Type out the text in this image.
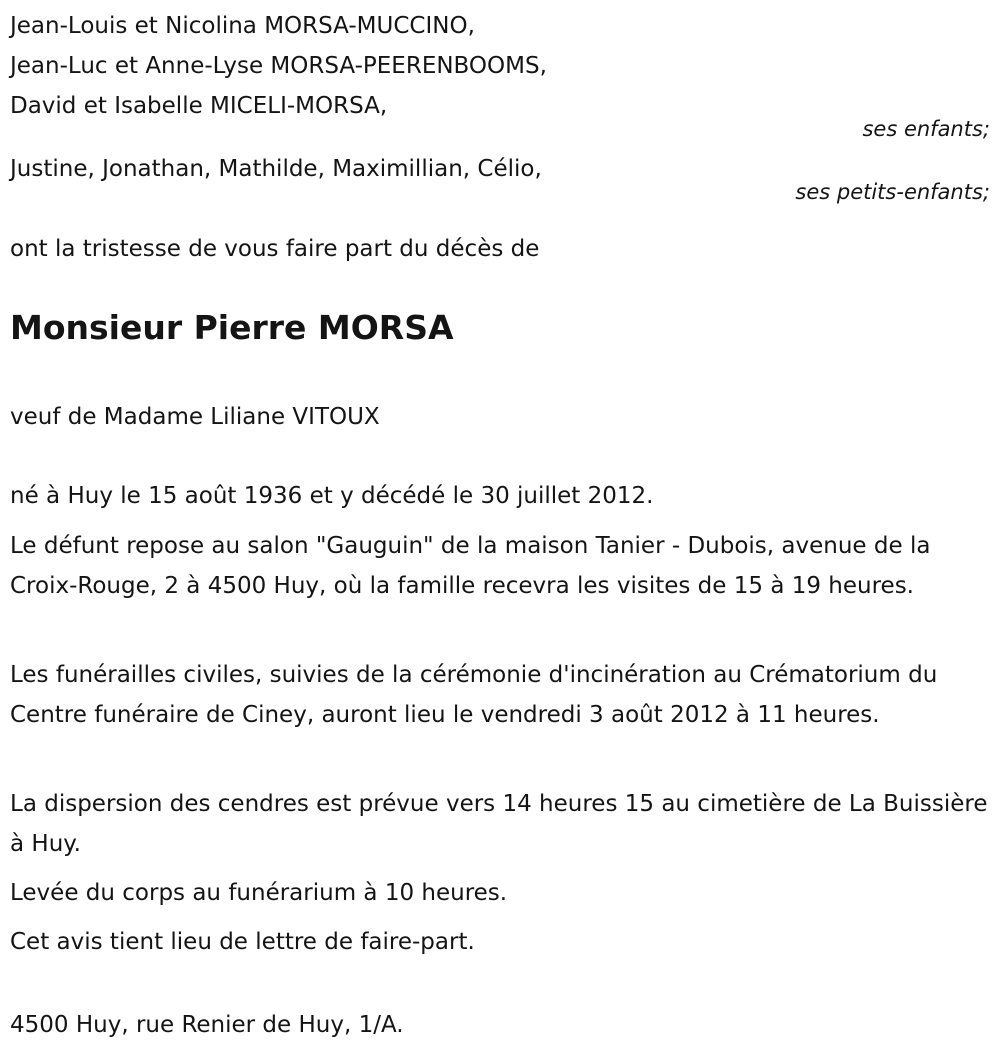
Jean-Louis et Nicolina MORSA-MUCCINO,
Jean-Luc et Anne-Lyse MORSA-PEERENBOOMS,
David et Isabelle MICELI-MORSA,
ses enfants;
Justine, Jonathan, Mathilde, Maximillian, Célio,
ses petits-enfants;
ont la tristesse de vous faire part du décès de
Monsieur Pierre MORSA
veuf de Madame Liliane VITOUX
né à Huy le 15 août 1936 et y décédé le 30 juillet 2012.
Le défunt repose au salon "Gauguin" de la maison Tanier - Dubois, avenue de la Croix-Rouge, 2 à 4500 Huy, où la famille recevra les visites de 15 à 19 heures.
Les funérailles civiles, suivies de la cérémonie d'incinération au Crématorium du Centre funéraire de Ciney, auront lieu le vendredi 3 août 2012 à 11 heures.
La dispersion des cendres est prévue vers 14 heures 15 au cimetière de La Buissière à Huy.
Levée du corps au funérarium à 10 heures.
Cet avis tient lieu de lettre de faire-part.
4500 Huy, rue Renier de Huy, 1/A.
